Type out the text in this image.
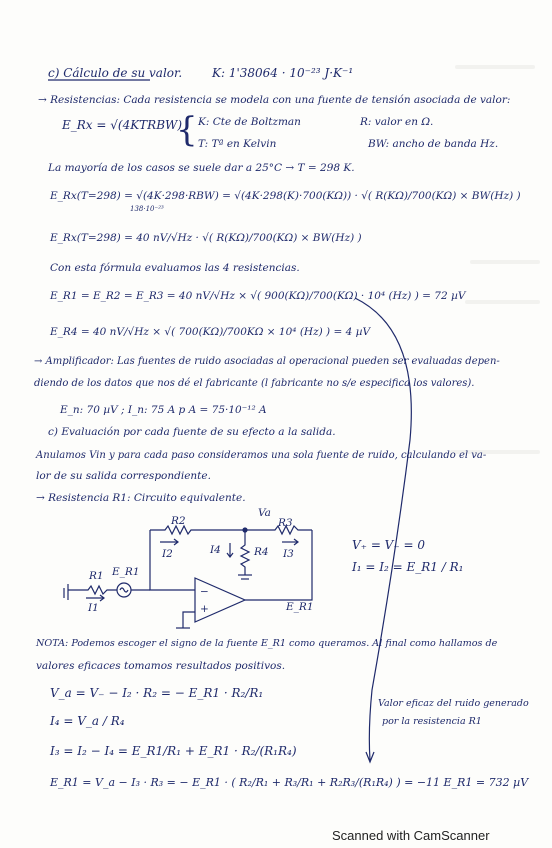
c) Cálculo de su valor. K: 1'38064 · 10⁻²³ J·K⁻¹
→ Resistencias: Cada resistencia se modela con una fuente de tensión asociada de valor:
E_Rx = √(4KTRBW)
{ K: Cte de Boltzman	R: valor en Ω.
T: Tª en Kelvin	BW: ancho de banda Hz.
La mayoría de los casos se suele dar a 25°C → T = 298 K.
E_Rx(T=298) = √(4K·298·RBW) = √(4K·298(K)·700(KΩ)) · √( R(KΩ)/700(KΩ) × BW(Hz) )
138·10⁻²³
E_Rx(T=298) = 40 nV/√Hz · √( R(KΩ)/700(KΩ) × BW(Hz) )
Con esta fórmula evaluamos las 4 resistencias.
E_R1 = E_R2 = E_R3 = 40 nV/√Hz × √( 900(KΩ)/700(KΩ) · 10⁴ (Hz) ) = 72 µV
E_R4 = 40 nV/√Hz × √( 700(KΩ)/700KΩ × 10⁴ (Hz) ) = 4 µV
→ Amplificador: Las fuentes de ruido asociadas al operacional pueden ser evaluadas depen-
diendo de los datos que nos dé el fabricante (l fabricante no s/e especifica los valores).
E_n: 70 µV ; I_n: 75 A p A = 75·10⁻¹² A
c) Evaluación por cada fuente de su efecto a la salida.
Anulamos Vin y para cada paso consideramos una sola fuente de ruido, calculando el va-
lor de su salida correspondiente.
→ Resistencia R1: Circuito equivalente.
R2
Va
R3
I2	I4	R4 I3
R1 E_R1
I1
−
+	E_R1
V₊ = V₋ = 0
I₁ = I₂ = E_R1 / R₁
NOTA: Podemos escoger el signo de la fuente E_R1 como queramos. Al final como hallamos de
valores eficaces tomamos resultados positivos.
V_a = V₋ − I₂ · R₂ = − E_R1 · R₂/R₁
Valor eficaz del ruido generado
por la resistencia R1
I₄ = V_a / R₄
I₃ = I₂ − I₄ = E_R1/R₁ + E_R1 · R₂/(R₁R₄)
E_R1 = V_a − I₃ · R₃ = − E_R1 · ( R₂/R₁ + R₃/R₁ + R₂R₃/(R₁R₄) ) = −11 E_R1 = 732 µV
Scanned with CamScanner
